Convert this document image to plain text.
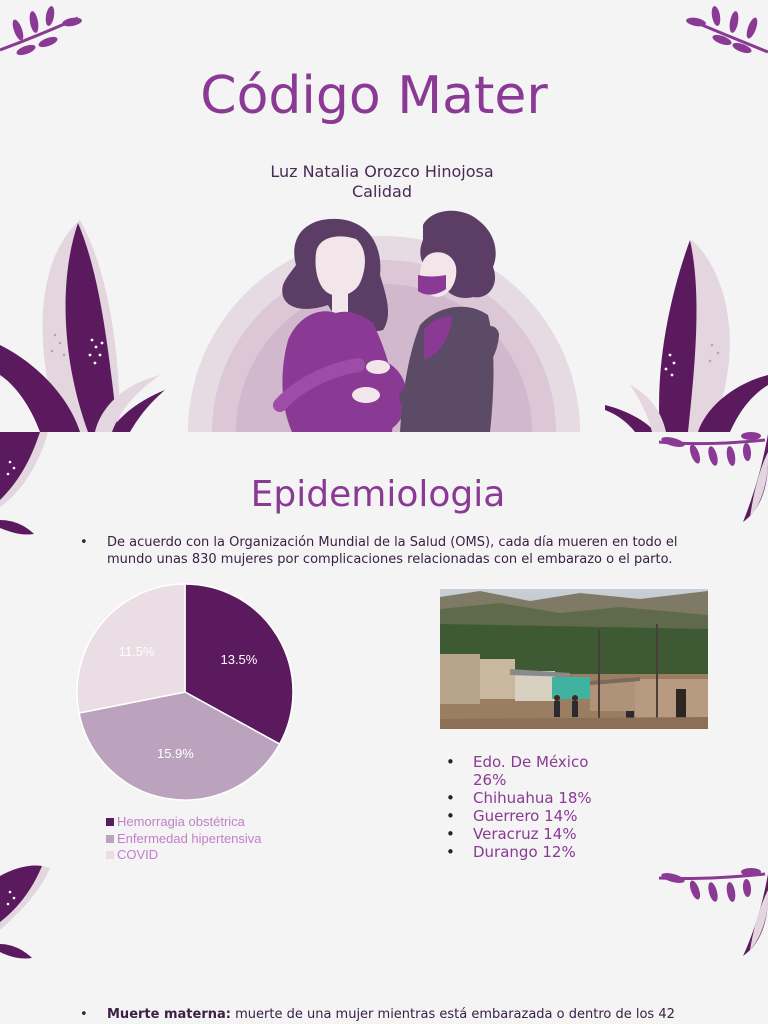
Código Mater
Luz Natalia Orozco Hinojosa
Calidad
Epidemiologia
•	De acuerdo con la Organización Mundial de la Salud (OMS), cada día mueren en todo el
mundo unas 830 mujeres por complicaciones relacionadas con el embarazo o el parto.
13.5%
15.9%
11.5%
Hemorragia obstétrica
Enfermedad hipertensiva
COVID
•	Edo. De México
26%
•	Chihuahua 18%
•	Guerrero 14%
•	Veracruz 14%
•	Durango 12%
•	Muerte materna: muerte de una mujer mientras está embarazada o dentro de los 42
